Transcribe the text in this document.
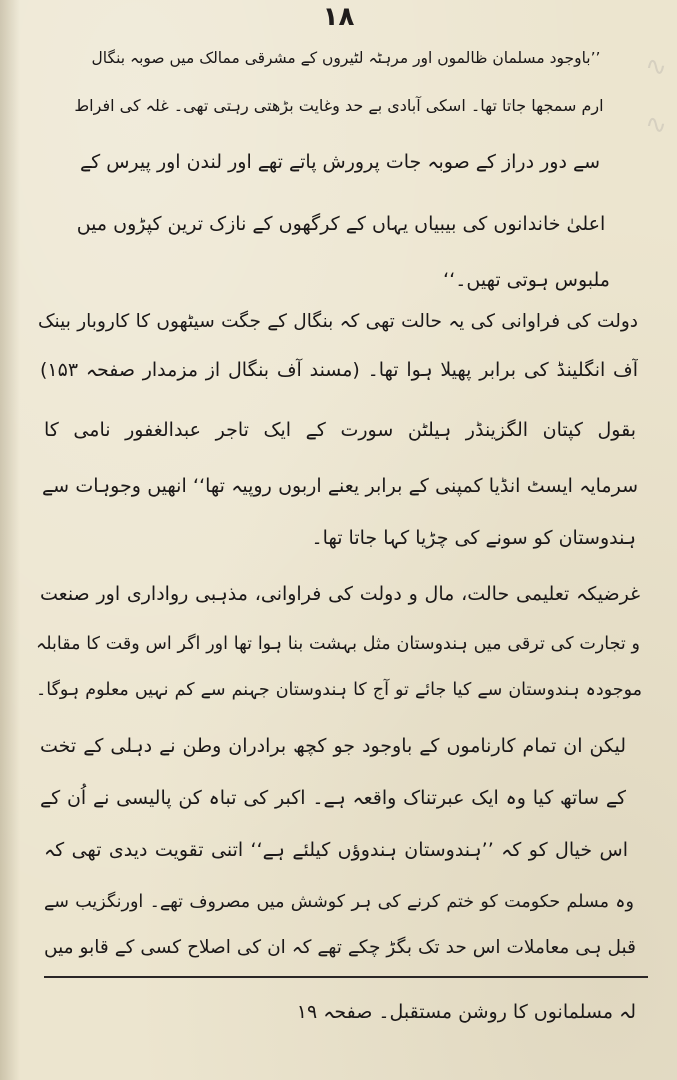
∿
∿
۱۸
’’باوجود مسلمان ظالموں اور مرہٹہ لٹیروں کے مشرقی ممالک میں صوبہ بنگال
ارم سمجھا جاتا تھا۔ اسکی آبادی بے حد وغایت بڑھتی رہتی تھی۔ غلہ کی افراط
سے دور دراز کے صوبہ جات پرورش پاتے تھے اور لندن اور پیرس کے
اعلیٰ خاندانوں کی بیبیاں یہاں کے کرگھوں کے نازک ترین کپڑوں میں
ملبوس ہوتی تھیں۔‘‘
دولت کی فراوانی کی یہ حالت تھی کہ بنگال کے جگت سیٹھوں کا کاروبار بینک
آف انگلینڈ کی برابر پھیلا ہوا تھا۔ (مسند آف بنگال از مزمدار صفحہ ۱۵۳)
بقول کپتان الگزینڈر ہیلٹن سورت کے ایک تاجر عبدالغفور نامی کا
سرمایہ ایسٹ انڈیا کمپنی کے برابر یعنے اربوں روپیہ تھا‘‘ انھیں وجوہات سے
ہندوستان کو سونے کی چڑیا کہا جاتا تھا۔
غرضیکہ تعلیمی حالت، مال و دولت کی فراوانی، مذہبی رواداری اور صنعت
و تجارت کی ترقی میں ہندوستان مثل بہشت بنا ہوا تھا اور اگر اس وقت کا مقابلہ
موجودہ ہندوستان سے کیا جائے تو آج کا ہندوستان جہنم سے کم نہیں معلوم ہوگا۔
لیکن ان تمام کارناموں کے باوجود جو کچھ برادران وطن نے دہلی کے تخت
کے ساتھ کیا وہ ایک عبرتناک واقعہ ہے۔ اکبر کی تباہ کن پالیسی نے اُن کے
اس خیال کو کہ ’’ہندوستان ہندوؤں کیلئے ہے‘‘ اتنی تقویت دیدی تھی کہ
وہ مسلم حکومت کو ختم کرنے کی ہر کوشش میں مصروف تھے۔ اورنگزیب سے
قبل ہی معاملات اس حد تک بگڑ چکے تھے کہ ان کی اصلاح کسی کے قابو میں
لہ مسلمانوں کا روشن مستقبل۔ صفحہ ۱۹
